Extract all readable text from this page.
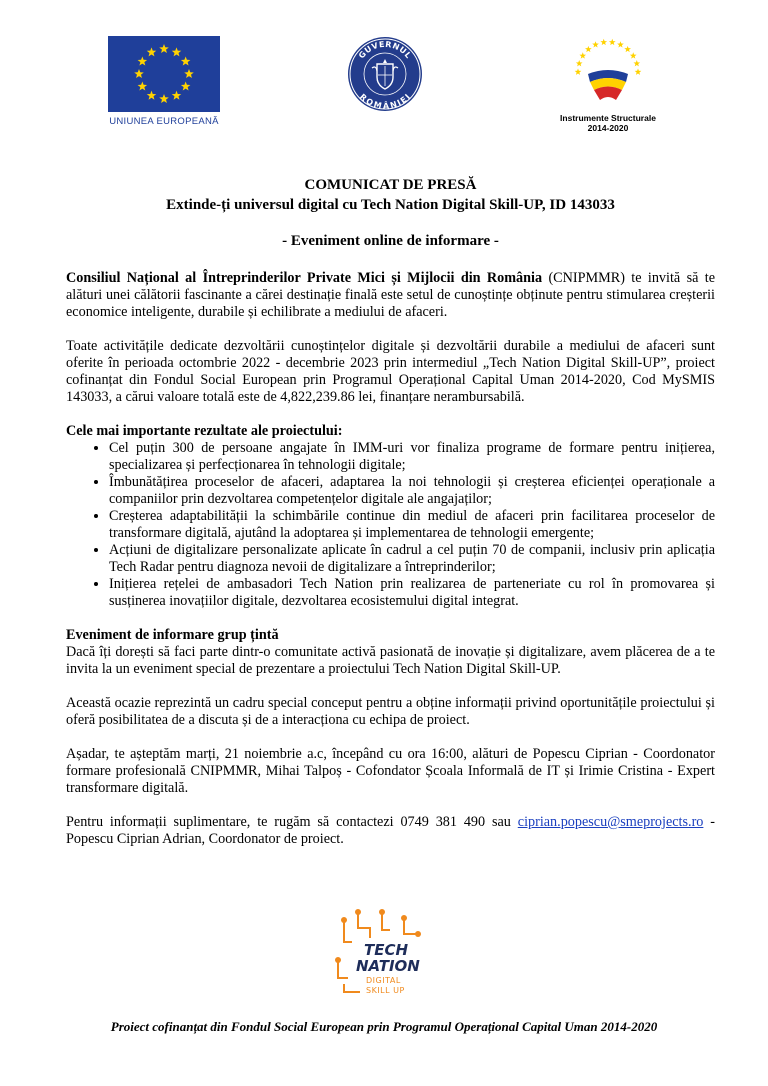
UNIUNEA EUROPEANĂ
GUVERNUL
ROMÂNIEI
Instrumente Structurale
2014-2020

COMUNICAT DE PRESĂ

Extinde-ți universul digital cu Tech Nation Digital Skill-UP, ID 143033

- Eveniment online de informare -

Consiliul Național al Întreprinderilor Private Mici și Mijlocii din România (CNIPMMR) te invită să te alături unei călătorii fascinante a cărei destinație finală este setul de cunoștințe obținute pentru stimularea creșterii economice inteligente, durabile și echilibrate a mediului de afaceri.

Toate activitățile dedicate dezvoltării cunoștințelor digitale și dezvoltării durabile a mediului de afaceri sunt oferite în perioada octombrie 2022 - decembrie 2023 prin intermediul „Tech Nation Digital Skill-UP”, proiect cofinanțat din Fondul Social European prin Programul Operațional Capital Uman 2014-2020, Cod MySMIS 143033, a cărui valoare totală este de 4,822,239.86 lei, finanțare nerambursabilă.

Cele mai importante rezultate ale proiectului:
• Cel puțin 300 de persoane angajate în IMM-uri vor finaliza programe de formare pentru inițierea, specializarea și perfecționarea în tehnologii digitale;
• Îmbunătățirea proceselor de afaceri, adaptarea la noi tehnologii și creșterea eficienței operaționale a companiilor prin dezvoltarea competențelor digitale ale angajaților;
• Creșterea adaptabilității la schimbările continue din mediul de afaceri prin facilitarea proceselor de transformare digitală, ajutând la adoptarea și implementarea de tehnologii emergente;
• Acțiuni de digitalizare personalizate aplicate în cadrul a cel puțin 70 de companii, inclusiv prin aplicația Tech Radar pentru diagnoza nevoii de digitalizare a întreprinderilor;
• Inițierea rețelei de ambasadori Tech Nation prin realizarea de parteneriate cu rol în promovarea și susținerea inovațiilor digitale, dezvoltarea ecosistemului digital integrat.
Eveniment de informare grup țintă
Dacă îți dorești să faci parte dintr-o comunitate activă pasionată de inovație și digitalizare, avem plăcerea de a te invita la un eveniment special de prezentare a proiectului Tech Nation Digital Skill-UP.

Această ocazie reprezintă un cadru special conceput pentru a obține informații privind oportunitățile proiectului și oferă posibilitatea de a discuta și de a interacționa cu echipa de proiect.

Așadar, te așteptăm marți, 21 noiembrie a.c, începând cu ora 16:00, alături de Popescu Ciprian - Coordonator formare profesională CNIPMMR, Mihai Talpoș - Cofondator Școala Informală de IT și Irimie Cristina - Expert transformare digitală.

Pentru informații suplimentare, te rugăm să contactezi 0749 381 490 sau ciprian.popescu@smeprojects.ro - Popescu Ciprian Adrian, Coordonator de proiect.

TECH
NATION
DIGITAL
SKILL UP
Proiect cofinanțat din Fondul Social European prin Programul Operațional Capital Uman 2014-2020
